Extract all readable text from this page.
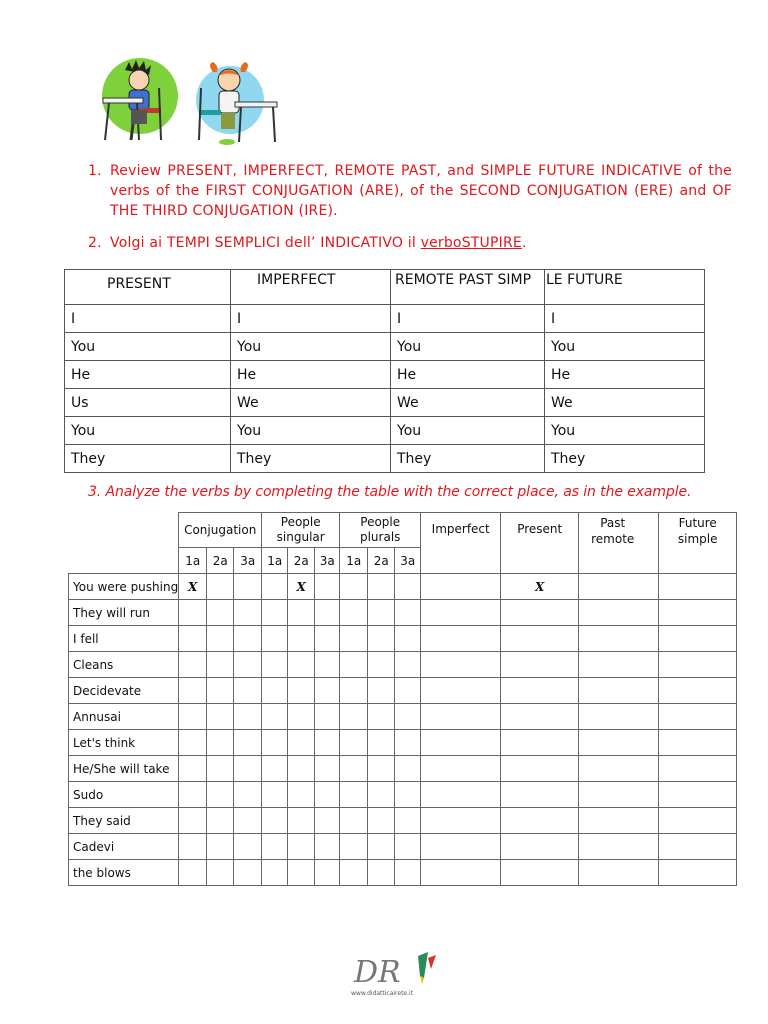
1. Review PRESENT, IMPERFECT, REMOTE PAST, and SIMPLE FUTURE INDICATIVE of the verbs of the FIRST CONJUGATION (ARE), of the SECOND CONJUGATION (ERE) and OF THE THIRD CONJUGATION (IRE).
2. Volgi ai TEMPI SEMPLICI dell’ INDICATIVO il verboSTUPIRE.
PRESENT	IMPERFECT	REMOTE PAST SIMP	LE FUTURE
I	I	I	I
You	You	You	You
He	He	He	He
Us	We	We	We
You	You	You	You
They	They	They	They
3. Analyze the verbs by completing the table with the correct place, as in the example.
	Conjugation			People singular			People plurals			Imperfect	Present	Past remote	Future simple
	1a	2a	3a	1a	2a	3a	1a	2a	3a				
You were pushing	X				X						X		
They will run													
I fell													
Cleans													
Decidevate													
Annusai													
Let's think													
He/She will take													
Sudo													
They said													
Cadevi													
the blows													
DR
www.didatticairete.it
